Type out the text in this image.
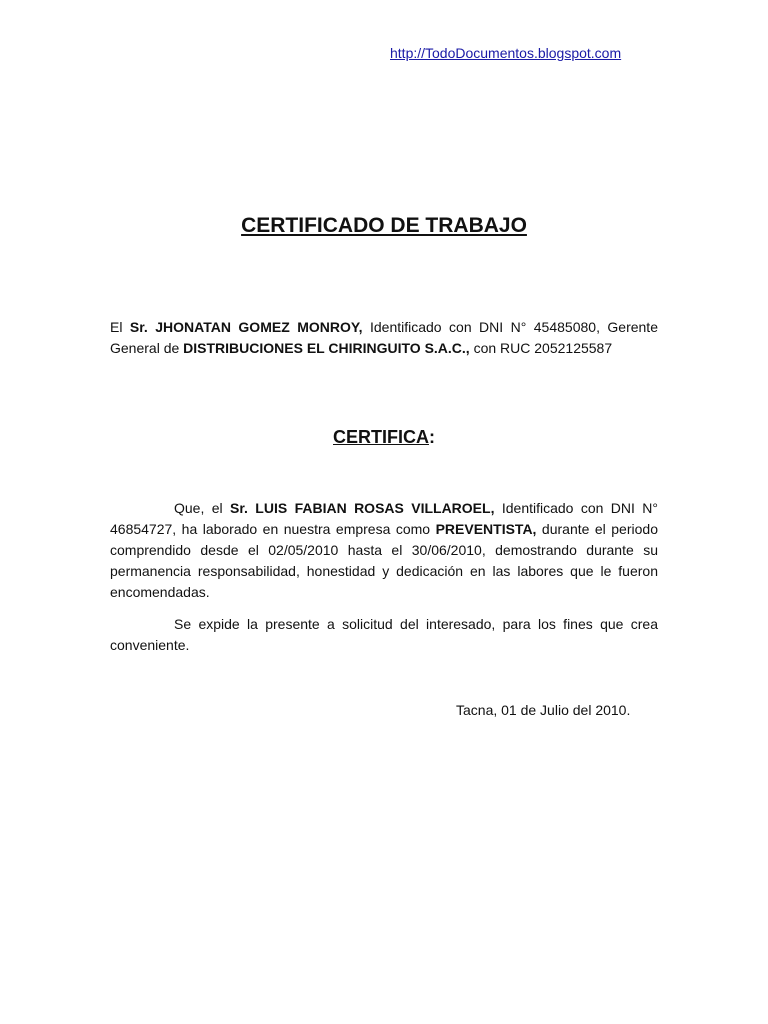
http://TodoDocumentos.blogspot.com
CERTIFICADO DE TRABAJO
El Sr. JHONATAN GOMEZ MONROY, Identificado con DNI N° 45485080, Gerente General de DISTRIBUCIONES EL CHIRINGUITO S.A.C., con RUC 2052125587
CERTIFICA:
Que, el Sr. LUIS FABIAN ROSAS VILLAROEL, Identificado con DNI N° 46854727, ha laborado en nuestra empresa como PREVENTISTA, durante el periodo comprendido desde el 02/05/2010 hasta el 30/06/2010, demostrando durante su permanencia responsabilidad, honestidad y dedicación en las labores que le fueron encomendadas.
Se expide la presente a solicitud del interesado, para los fines que crea conveniente.
Tacna, 01 de Julio del 2010.
